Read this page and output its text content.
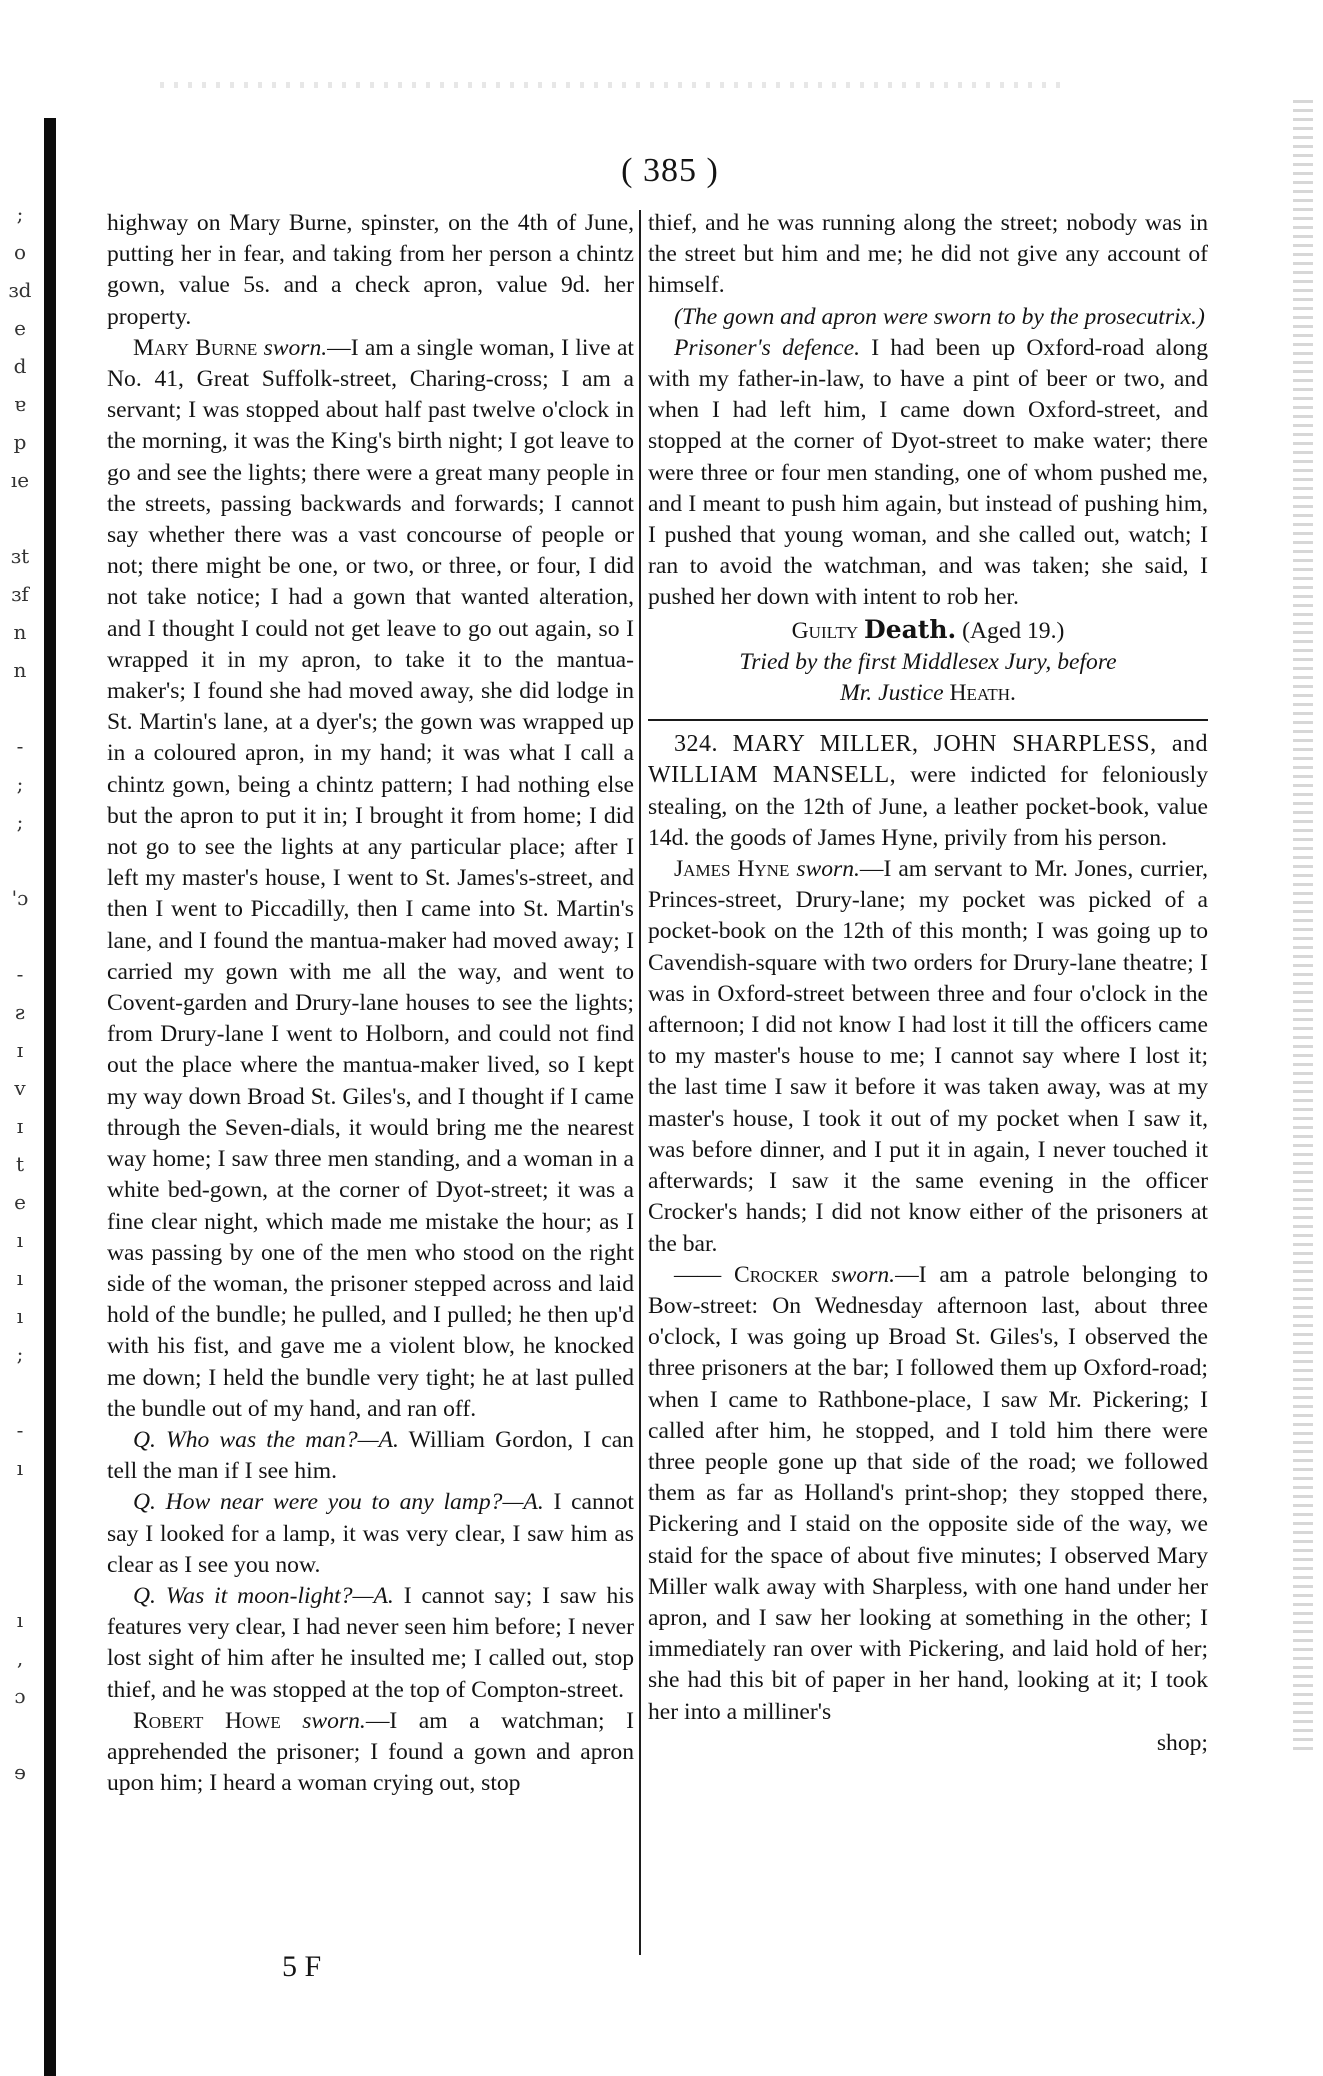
;
o
ɜd
e
d
ɐ
p
ıe
ɜt
ɜf
n
n
-
;
;
'ɔ
-
ƨ
ɪ
v
ɪ
t
e
ı
ı
ı
;
-
ı
ı
,
ɔ
ɘ
( 385 )

highway on Mary Burne, spinster, on the 4th of June, putting her in fear, and taking from her person a chintz gown, value 5s. and a check apron, value 9d. her property.

Mary Burne sworn.—I am a single woman, I live at No. 41, Great Suffolk-street, Charing-cross; I am a servant; I was stopped about half past twelve o'clock in the morning, it was the King's birth night; I got leave to go and see the lights; there were a great many people in the streets, passing backwards and forwards; I cannot say whether there was a vast concourse of people or not; there might be one, or two, or three, or four, I did not take notice; I had a gown that wanted alteration, and I thought I could not get leave to go out again, so I wrapped it in my apron, to take it to the mantua-maker's; I found she had moved away, she did lodge in St. Martin's lane, at a dyer's; the gown was wrapped up in a coloured apron, in my hand; it was what I call a chintz gown, being a chintz pattern; I had nothing else but the apron to put it in; I brought it from home; I did not go to see the lights at any particular place; after I left my master's house, I went to St. James's-street, and then I went to Piccadilly, then I came into St. Martin's lane, and I found the mantua-maker had moved away; I carried my gown with me all the way, and went to Covent-garden and Drury-lane houses to see the lights; from Drury-lane I went to Holborn, and could not find out the place where the mantua-maker lived, so I kept my way down Broad St. Giles's, and I thought if I came through the Seven-dials, it would bring me the nearest way home; I saw three men standing, and a woman in a white bed-gown, at the corner of Dyot-street; it was a fine clear night, which made me mistake the hour; as I was passing by one of the men who stood on the right side of the woman, the prisoner stepped across and laid hold of the bundle; he pulled, and I pulled; he then up'd with his fist, and gave me a violent blow, he knocked me down; I held the bundle very tight; he at last pulled the bundle out of my hand, and ran off.

Q. Who was the man?—A. William Gordon, I can tell the man if I see him.

Q. How near were you to any lamp?—A. I cannot say I looked for a lamp, it was very clear, I saw him as clear as I see you now.

Q. Was it moon-light?—A. I cannot say; I saw his features very clear, I had never seen him before; I never lost sight of him after he insulted me; I called out, stop thief, and he was stopped at the top of Compton-street.

Robert Howe sworn.—I am a watchman; I apprehended the prisoner; I found a gown and apron upon him; I heard a woman crying out, stop

5 F

thief, and he was running along the street; nobody was in the street but him and me; he did not give any account of himself.

(The gown and apron were sworn to by the prosecutrix.)

Prisoner's defence. I had been up Oxford-road along with my father-in-law, to have a pint of beer or two, and when I had left him, I came down Oxford-street, and stopped at the corner of Dyot-street to make water; there were three or four men standing, one of whom pushed me, and I meant to push him again, but instead of pushing him, I pushed that young woman, and she called out, watch; I ran to avoid the watchman, and was taken; she said, I pushed her down with intent to rob her.

Guilty Death. (Aged 19.)

Tried by the first Middlesex Jury, before

Mr. Justice Heath.

324. MARY MILLER, JOHN SHARPLESS, and WILLIAM MANSELL, were indicted for feloniously stealing, on the 12th of June, a leather pocket-book, value 14d. the goods of James Hyne, privily from his person.

James Hyne sworn.—I am servant to Mr. Jones, currier, Princes-street, Drury-lane; my pocket was picked of a pocket-book on the 12th of this month; I was going up to Cavendish-square with two orders for Drury-lane theatre; I was in Oxford-street between three and four o'clock in the afternoon; I did not know I had lost it till the officers came to my master's house to me; I cannot say where I lost it; the last time I saw it before it was taken away, was at my master's house, I took it out of my pocket when I saw it, was before dinner, and I put it in again, I never touched it afterwards; I saw it the same evening in the officer Crocker's hands; I did not know either of the prisoners at the bar.

—— Crocker sworn.—I am a patrole belonging to Bow-street: On Wednesday afternoon last, about three o'clock, I was going up Broad St. Giles's, I observed the three prisoners at the bar; I followed them up Oxford-road; when I came to Rathbone-place, I saw Mr. Pickering; I called after him, he stopped, and I told him there were three people gone up that side of the road; we followed them as far as Holland's print-shop; they stopped there, Pickering and I staid on the opposite side of the way, we staid for the space of about five minutes; I observed Mary Miller walk away with Sharpless, with one hand under her apron, and I saw her looking at something in the other; I immediately ran over with Pickering, and laid hold of her; she had this bit of paper in her hand, looking at it; I took her into a milliner's

shop;
